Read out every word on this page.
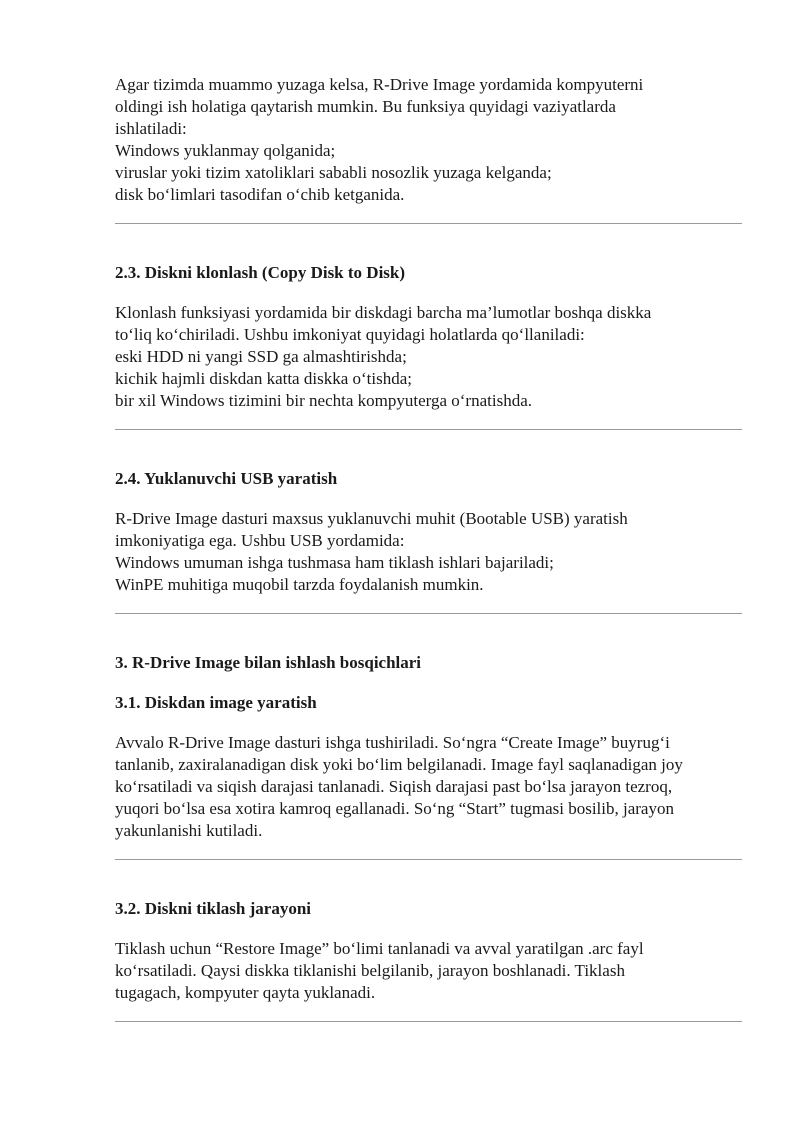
Agar tizimda muammo yuzaga kelsa, R-Drive Image yordamida kompyuterni
oldingi ish holatiga qaytarish mumkin. Bu funksiya quyidagi vaziyatlarda
ishlatiladi:
Windows yuklanmay qolganida;
viruslar yoki tizim xatoliklari sababli nosozlik yuzaga kelganda;
disk bo‘limlari tasodifan o‘chib ketganida.

2.3. Diskni klonlash (Copy Disk to Disk)

Klonlash funksiyasi yordamida bir diskdagi barcha ma’lumotlar boshqa diskka
to‘liq ko‘chiriladi. Ushbu imkoniyat quyidagi holatlarda qo‘llaniladi:
eski HDD ni yangi SSD ga almashtirishda;
kichik hajmli diskdan katta diskka o‘tishda;
bir xil Windows tizimini bir nechta kompyuterga o‘rnatishda.

2.4. Yuklanuvchi USB yaratish

R-Drive Image dasturi maxsus yuklanuvchi muhit (Bootable USB) yaratish
imkoniyatiga ega. Ushbu USB yordamida:
Windows umuman ishga tushmasa ham tiklash ishlari bajariladi;
WinPE muhitiga muqobil tarzda foydalanish mumkin.

3. R-Drive Image bilan ishlash bosqichlari
3.1. Diskdan image yaratish

Avvalo R-Drive Image dasturi ishga tushiriladi. So‘ngra “Create Image” buyrug‘i
tanlanib, zaxiralanadigan disk yoki bo‘lim belgilanadi. Image fayl saqlanadigan joy
ko‘rsatiladi va siqish darajasi tanlanadi. Siqish darajasi past bo‘lsa jarayon tezroq,
yuqori bo‘lsa esa xotira kamroq egallanadi. So‘ng “Start” tugmasi bosilib, jarayon
yakunlanishi kutiladi.

3.2. Diskni tiklash jarayoni

Tiklash uchun “Restore Image” bo‘limi tanlanadi va avval yaratilgan .arc fayl
ko‘rsatiladi. Qaysi diskka tiklanishi belgilanib, jarayon boshlanadi. Tiklash
tugagach, kompyuter qayta yuklanadi.
